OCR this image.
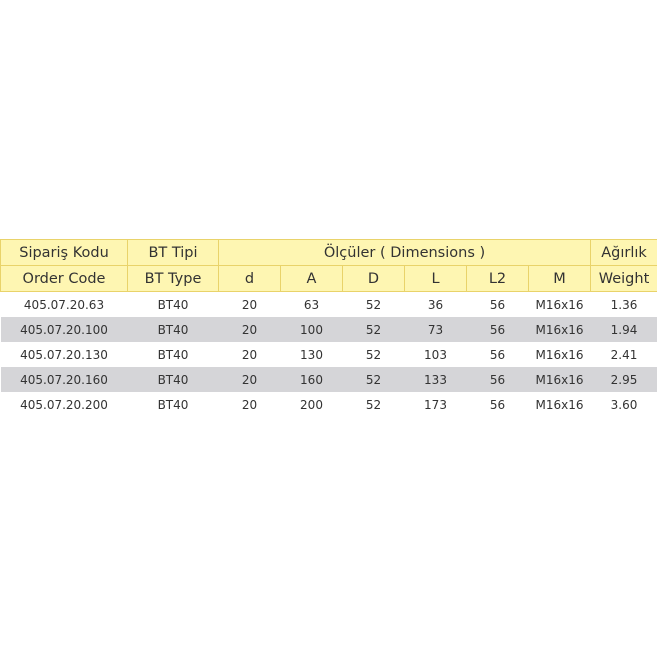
Sipariş Kodu	BT Tipi	Ölçüler ( Dimensions )						Ağırlık
Order Code	BT Type	d	A	D	L	L2	M	Weight
405.07.20.63	BT40	20	63	52	36	56	M16x16	1.36
405.07.20.100	BT40	20	100	52	73	56	M16x16	1.94
405.07.20.130	BT40	20	130	52	103	56	M16x16	2.41
405.07.20.160	BT40	20	160	52	133	56	M16x16	2.95
405.07.20.200	BT40	20	200	52	173	56	M16x16	3.60
